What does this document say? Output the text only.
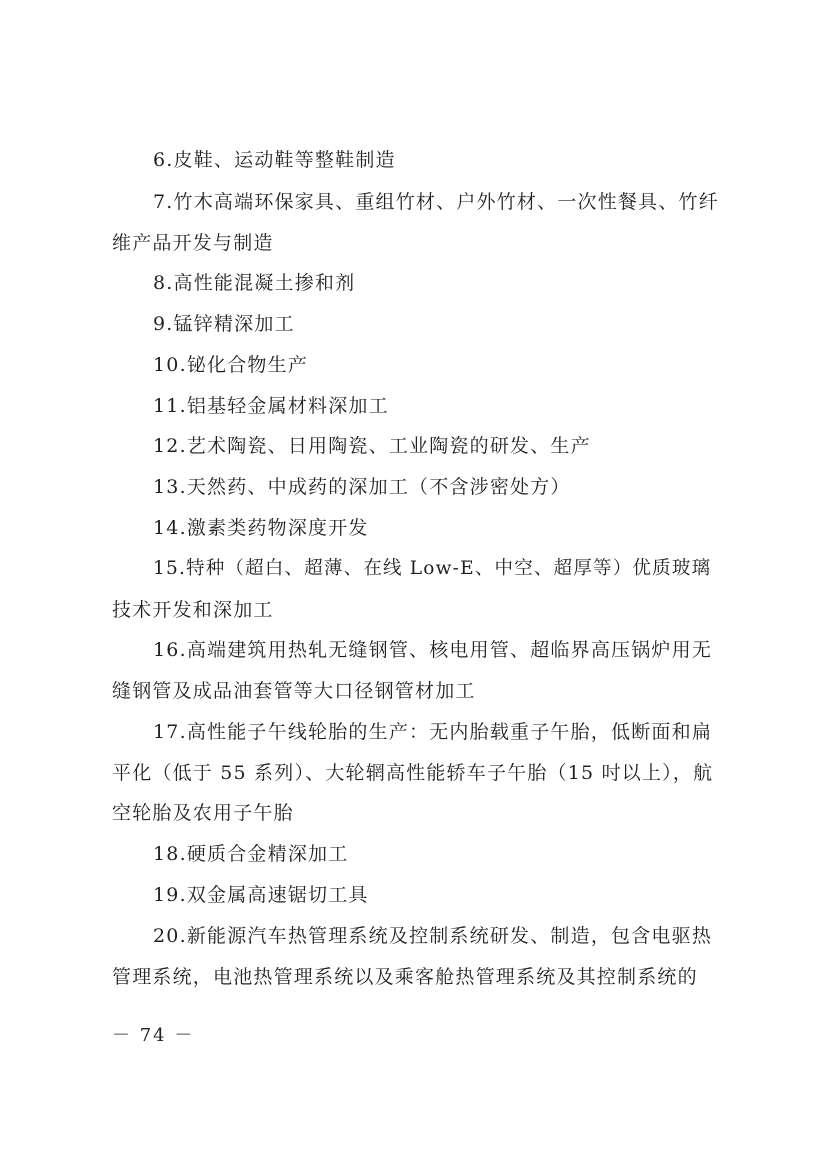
6.皮鞋、运动鞋等整鞋制造

7.竹木高端环保家具、重组竹材、户外竹材、一次性餐具、竹纤
维产品开发与制造

8.高性能混凝土掺和剂

9.锰锌精深加工

10.铋化合物生产

11.铝基轻金属材料深加工

12.艺术陶瓷、日用陶瓷、工业陶瓷的研发、生产

13.天然药、中成药的深加工（不含涉密处方）

14.激素类药物深度开发

15.特种（超白、超薄、在线 Low-E、中空、超厚等）优质玻璃
技术开发和深加工

16.高端建筑用热轧无缝钢管、核电用管、超临界高压锅炉用无
缝钢管及成品油套管等大口径钢管材加工

17.高性能子午线轮胎的生产：无内胎载重子午胎，低断面和扁
平化（低于 55 系列）、大轮辋高性能轿车子午胎（15 吋以上），航
空轮胎及农用子午胎

18.硬质合金精深加工

19.双金属高速锯切工具

20.新能源汽车热管理系统及控制系统研发、制造，包含电驱热
管理系统，电池热管理系统以及乘客舱热管理系统及其控制系统的

－ 74 －
